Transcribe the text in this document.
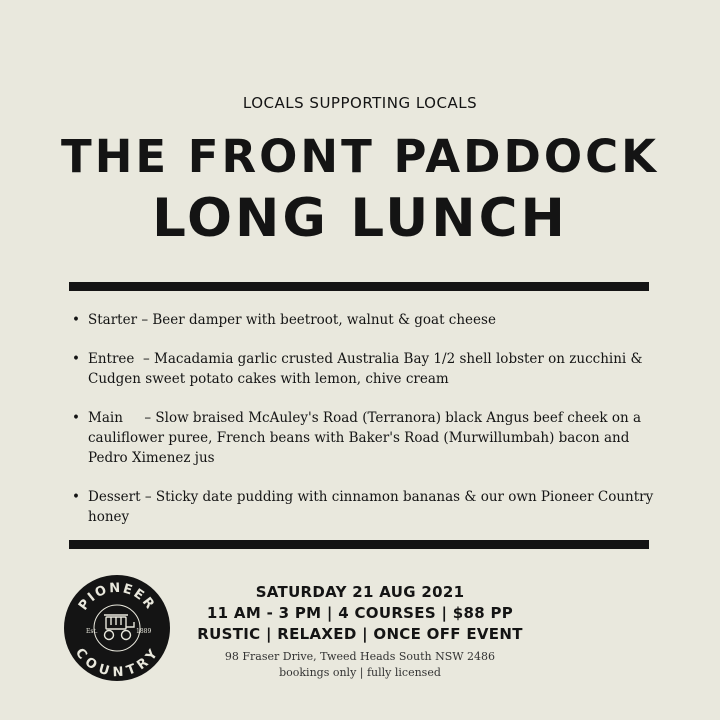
LOCALS SUPPORTING LOCALS
THE FRONT PADDOCK
LONG LUNCH
• Starter – Beer damper with beetroot, walnut & goat cheese
• Entree  – Macadamia garlic crusted Australia Bay 1/2 shell lobster on zucchini & Cudgen sweet potato cakes with lemon, chive cream
• Main     – Slow braised McAuley's Road (Terranora) black Angus beef cheek on a cauliflower puree, French beans with Baker's Road (Murwillumbah) bacon and Pedro Ximenez jus
• Dessert – Sticky date pudding with cinnamon bananas & our own Pioneer Country honey
PIONEER
COUNTRY
Est.	1889
SATURDAY 21 AUG 2021
11 AM - 3 PM | 4 COURSES | $88 PP
RUSTIC | RELAXED | ONCE OFF EVENT
98 Fraser Drive, Tweed Heads South NSW 2486
bookings only | fully licensed
